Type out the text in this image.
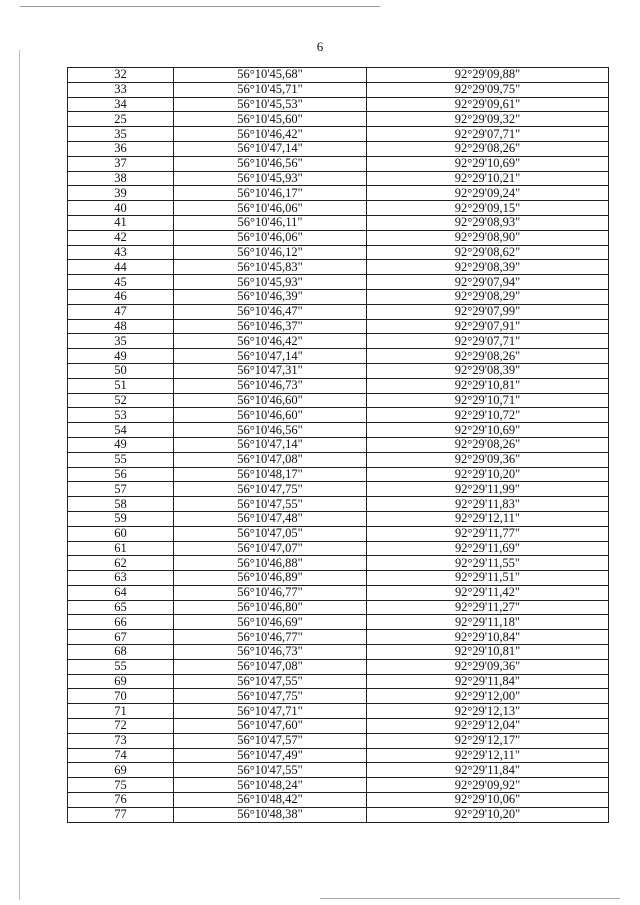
6
32	56°10'45,68"	92°29'09,88"
33	56°10'45,71"	92°29'09,75"
34	56°10'45,53"	92°29'09,61"
25	56°10'45,60"	92°29'09,32"
35	56°10'46,42"	92°29'07,71"
36	56°10'47,14"	92°29'08,26"
37	56°10'46,56"	92°29'10,69"
38	56°10'45,93"	92°29'10,21"
39	56°10'46,17"	92°29'09,24"
40	56°10'46,06"	92°29'09,15"
41	56°10'46,11"	92°29'08,93"
42	56°10'46,06"	92°29'08,90"
43	56°10'46,12"	92°29'08,62"
44	56°10'45,83"	92°29'08,39"
45	56°10'45,93"	92°29'07,94"
46	56°10'46,39"	92°29'08,29"
47	56°10'46,47"	92°29'07,99"
48	56°10'46,37"	92°29'07,91"
35	56°10'46,42"	92°29'07,71"
49	56°10'47,14"	92°29'08,26"
50	56°10'47,31"	92°29'08,39"
51	56°10'46,73"	92°29'10,81"
52	56°10'46,60"	92°29'10,71"
53	56°10'46,60"	92°29'10,72"
54	56°10'46,56"	92°29'10,69"
49	56°10'47,14"	92°29'08,26"
55	56°10'47,08"	92°29'09,36"
56	56°10'48,17"	92°29'10,20"
57	56°10'47,75"	92°29'11,99"
58	56°10'47,55"	92°29'11,83"
59	56°10'47,48"	92°29'12,11"
60	56°10'47,05"	92°29'11,77"
61	56°10'47,07"	92°29'11,69"
62	56°10'46,88"	92°29'11,55"
63	56°10'46,89"	92°29'11,51"
64	56°10'46,77"	92°29'11,42"
65	56°10'46,80"	92°29'11,27"
66	56°10'46,69"	92°29'11,18"
67	56°10'46,77"	92°29'10,84"
68	56°10'46,73"	92°29'10,81"
55	56°10'47,08"	92°29'09,36"
69	56°10'47,55"	92°29'11,84"
70	56°10'47,75"	92°29'12,00"
71	56°10'47,71"	92°29'12,13"
72	56°10'47,60"	92°29'12,04"
73	56°10'47,57"	92°29'12,17"
74	56°10'47,49"	92°29'12,11"
69	56°10'47,55"	92°29'11,84"
75	56°10'48,24"	92°29'09,92"
76	56°10'48,42"	92°29'10,06"
77	56°10'48,38"	92°29'10,20"
